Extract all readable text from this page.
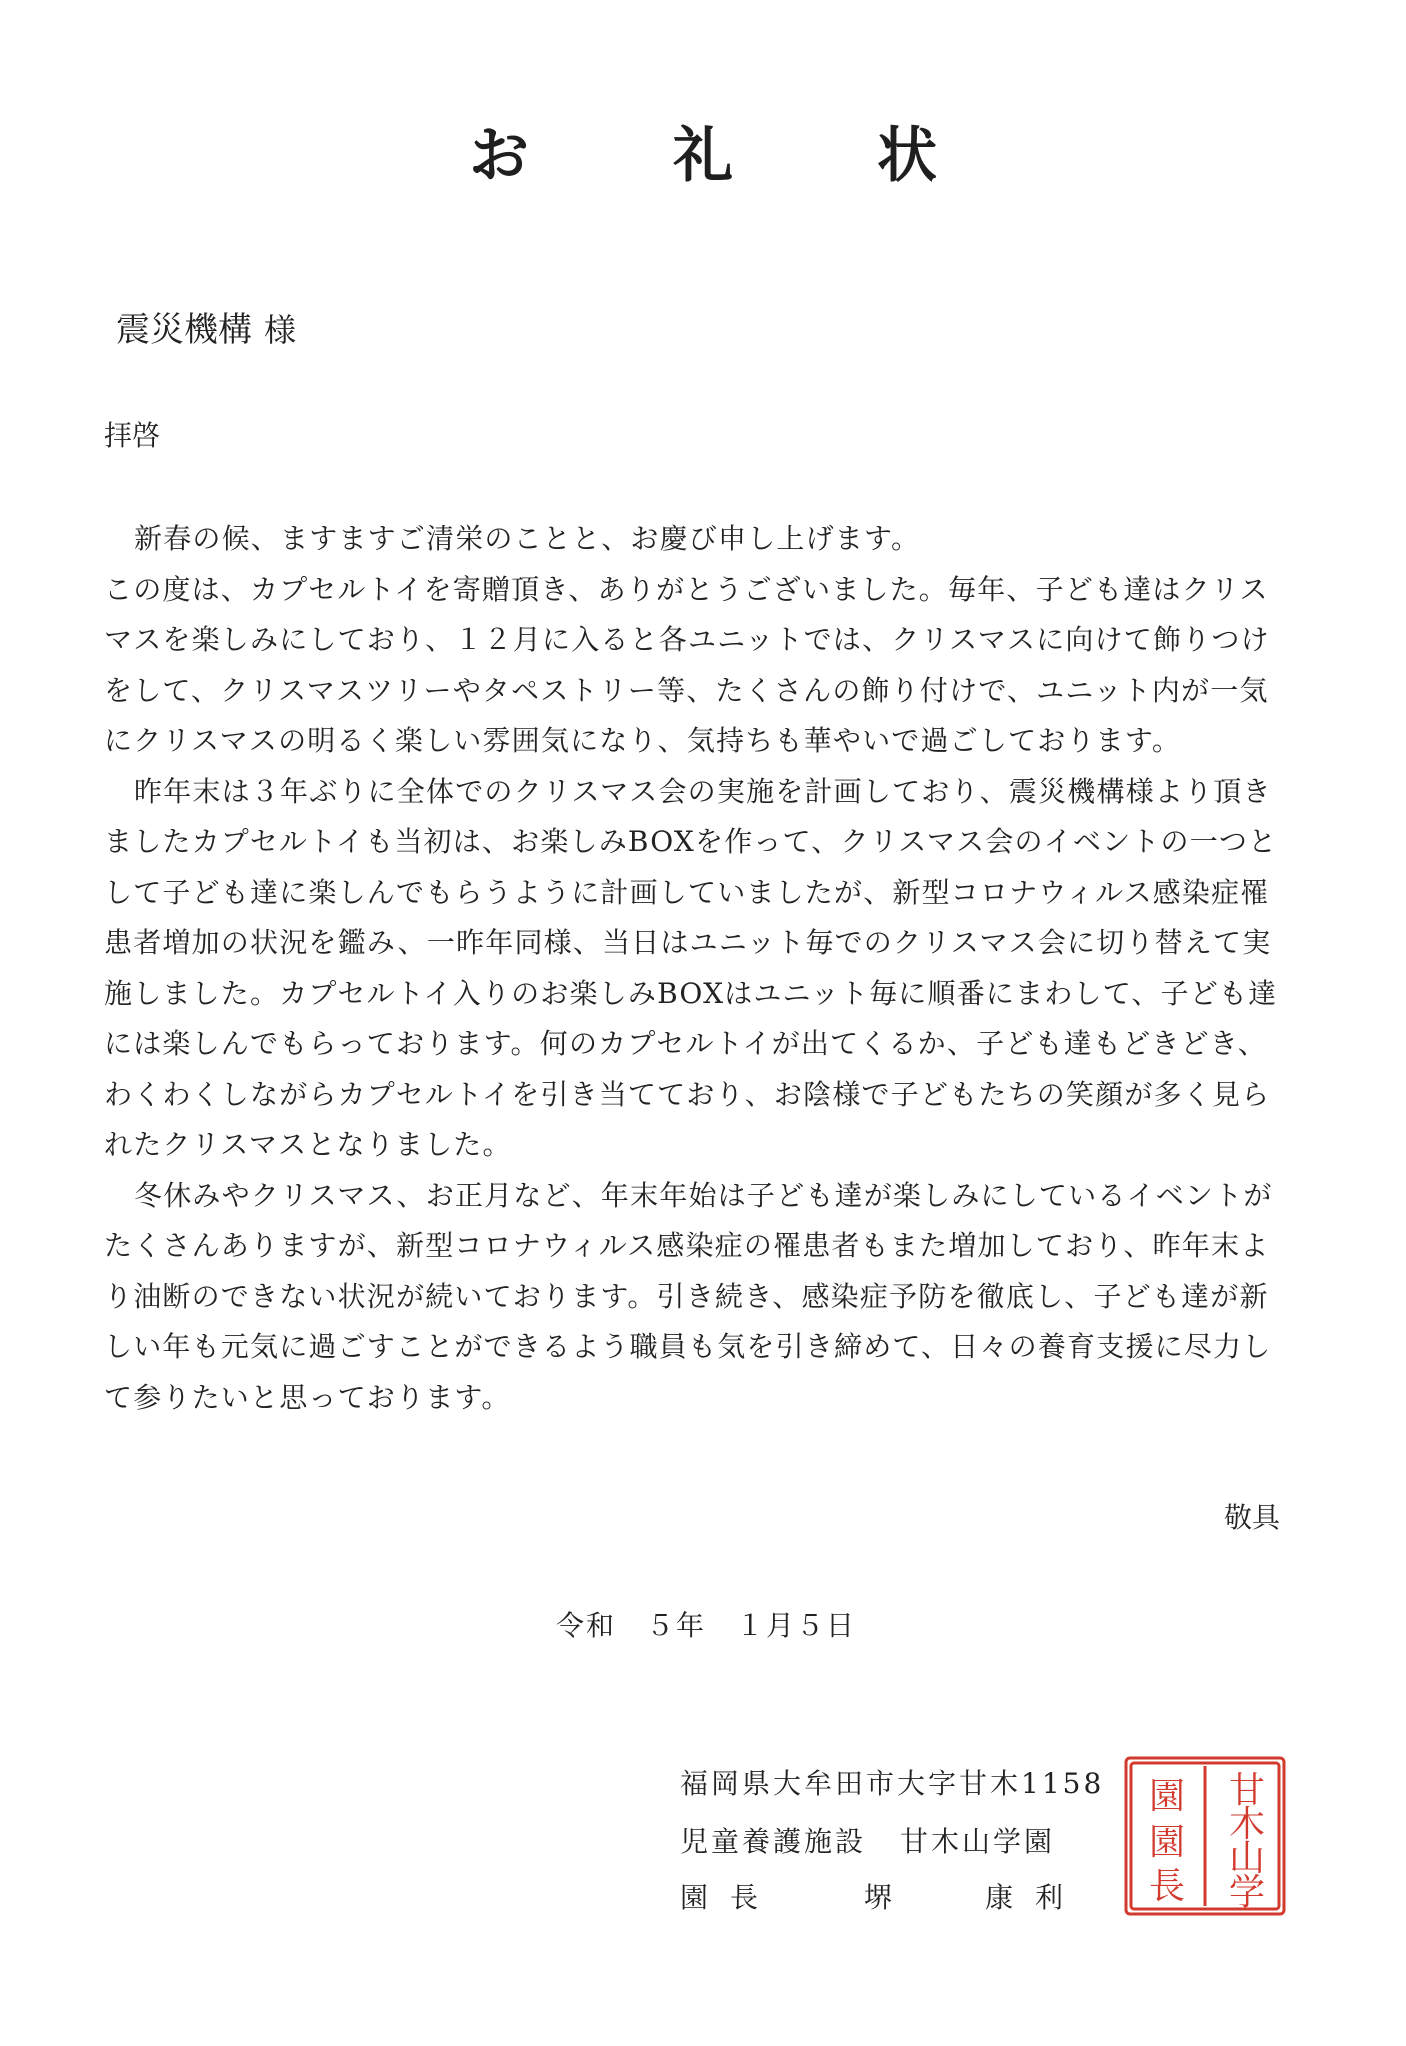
お　礼　状
震災機構 様
拝啓

新春の候、ますますご清栄のことと、お慶び申し上げます。

この度は、カプセルトイを寄贈頂き、ありがとうございました。毎年、子ども達はクリスマスを楽しみにしており、１２月に入ると各ユニットでは、クリスマスに向けて飾りつけをして、クリスマスツリーやタペストリー等、たくさんの飾り付けで、ユニット内が一気にクリスマスの明るく楽しい雰囲気になり、気持ちも華やいで過ごしております。

昨年末は３年ぶりに全体でのクリスマス会の実施を計画しており、震災機構様より頂きましたカプセルトイも当初は、お楽しみBOXを作って、クリスマス会のイベントの一つとして子ども達に楽しんでもらうように計画していましたが、新型コロナウィルス感染症罹患者増加の状況を鑑み、一昨年同様、当日はユニット毎でのクリスマス会に切り替えて実施しました。カプセルトイ入りのお楽しみBOXはユニット毎に順番にまわして、子ども達には楽しんでもらっております。何のカプセルトイが出てくるか、子ども達もどきどき、わくわくしながらカプセルトイを引き当てており、お陰様で子どもたちの笑顔が多く見られたクリスマスとなりました。

冬休みやクリスマス、お正月など、年末年始は子ども達が楽しみにしているイベントがたくさんありますが、新型コロナウィルス感染症の罹患者もまた増加しており、昨年末より油断のできない状況が続いております。引き続き、感染症予防を徹底し、子ども達が新しい年も元気に過ごすことができるよう職員も気を引き締めて、日々の養育支援に尽力して参りたいと思っております。

敬具
令和　５年　１月５日
福岡県大牟田市大字甘木1158
児童養護施設 甘木山学園
園長	堺	康利
甘
木
山
学
園
園
長
